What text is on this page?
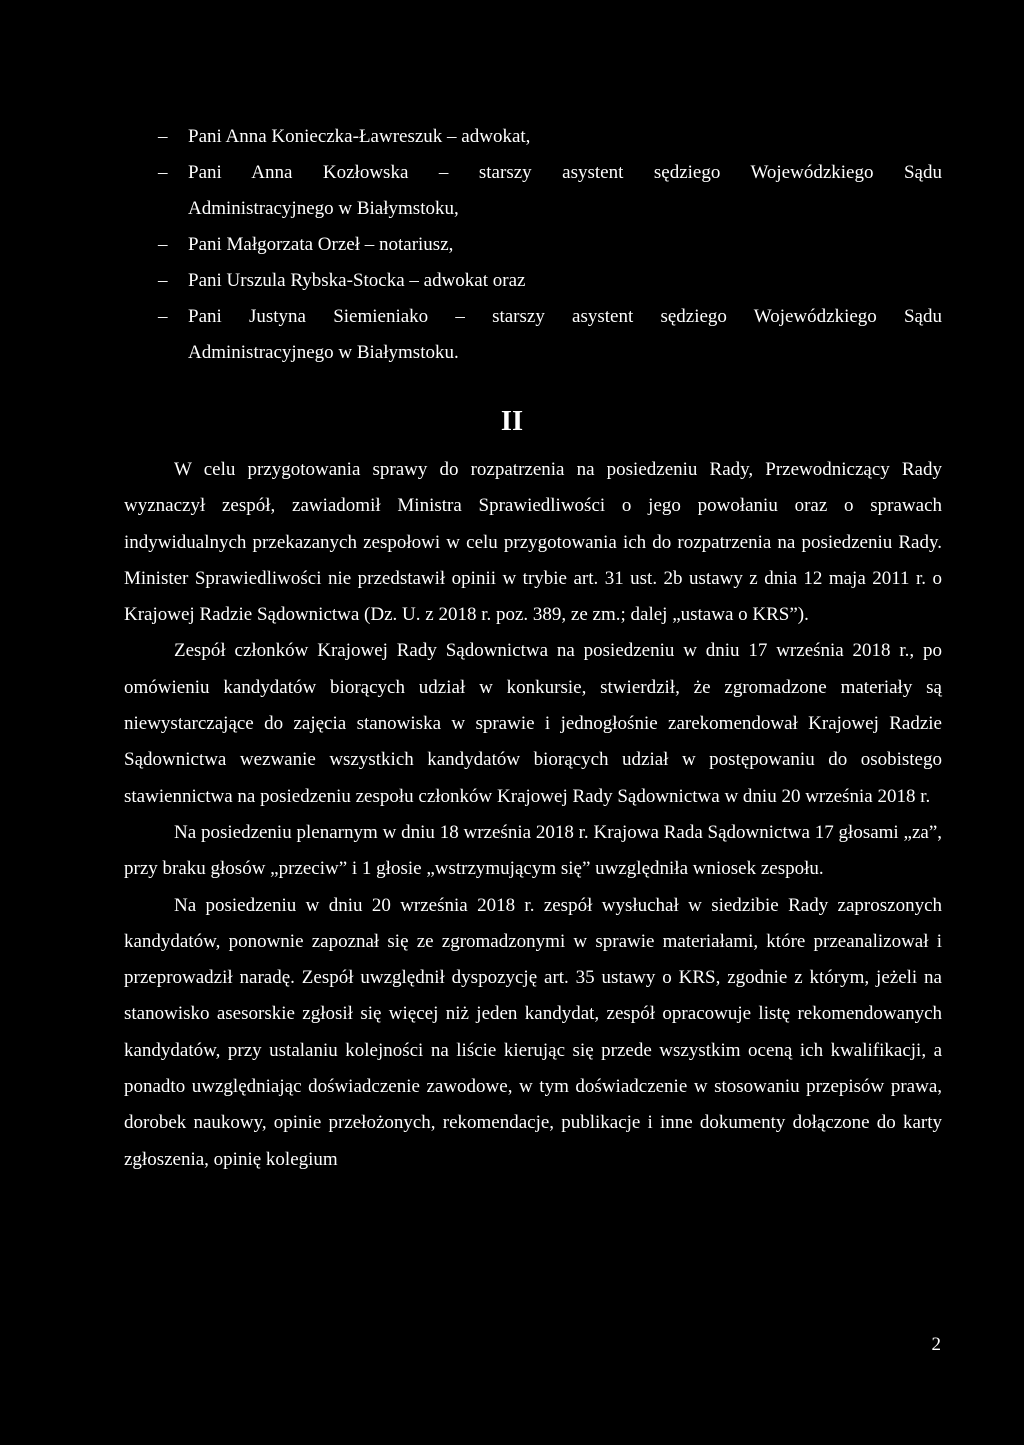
– Pani Anna Konieczka-Ławreszuk – adwokat,
– Pani Anna Kozłowska – starszy asystent sędziego Wojewódzkiego Sądu
Administracyjnego w Białymstoku,
– Pani Małgorzata Orzeł – notariusz,
– Pani Urszula Rybska-Stocka – adwokat oraz
– Pani Justyna Siemieniako – starszy asystent sędziego Wojewódzkiego Sądu
Administracyjnego w Białymstoku.
II

W celu przygotowania sprawy do rozpatrzenia na posiedzeniu Rady, Przewodniczący Rady wyznaczył zespół, zawiadomił Ministra Sprawiedliwości o jego powołaniu oraz o sprawach indywidualnych przekazanych zespołowi w celu przygotowania ich do rozpatrzenia na posiedzeniu Rady. Minister Sprawiedliwości nie przedstawił opinii w trybie art. 31 ust. 2b ustawy z dnia 12 maja 2011 r. o Krajowej Radzie Sądownictwa (Dz. U. z 2018 r. poz. 389, ze zm.; dalej „ustawa o KRS”).

Zespół członków Krajowej Rady Sądownictwa na posiedzeniu w dniu 17 września 2018 r., po omówieniu kandydatów biorących udział w konkursie, stwierdził, że zgromadzone materiały są niewystarczające do zajęcia stanowiska w sprawie i jednogłośnie zarekomendował Krajowej Radzie Sądownictwa wezwanie wszystkich kandydatów biorących udział w postępowaniu do osobistego stawiennictwa na posiedzeniu zespołu członków Krajowej Rady Sądownictwa w dniu 20 września 2018 r.

Na posiedzeniu plenarnym w dniu 18 września 2018 r. Krajowa Rada Sądownictwa 17 głosami „za”, przy braku głosów „przeciw” i 1 głosie „wstrzymującym się” uwzględniła wniosek zespołu.

Na posiedzeniu w dniu 20 września 2018 r. zespół wysłuchał w siedzibie Rady zaproszonych kandydatów, ponownie zapoznał się ze zgromadzonymi w sprawie materiałami, które przeanalizował i przeprowadził naradę. Zespół uwzględnił dyspozycję art. 35 ustawy o KRS, zgodnie z którym, jeżeli na stanowisko asesorskie zgłosił się więcej niż jeden kandydat, zespół opracowuje listę rekomendowanych kandydatów, przy ustalaniu kolejności na liście kierując się przede wszystkim oceną ich kwalifikacji, a ponadto uwzględniając doświadczenie zawodowe, w tym doświadczenie w stosowaniu przepisów prawa, dorobek naukowy, opinie przełożonych, rekomendacje, publikacje i inne dokumenty dołączone do karty zgłoszenia, opinię kolegium

2
